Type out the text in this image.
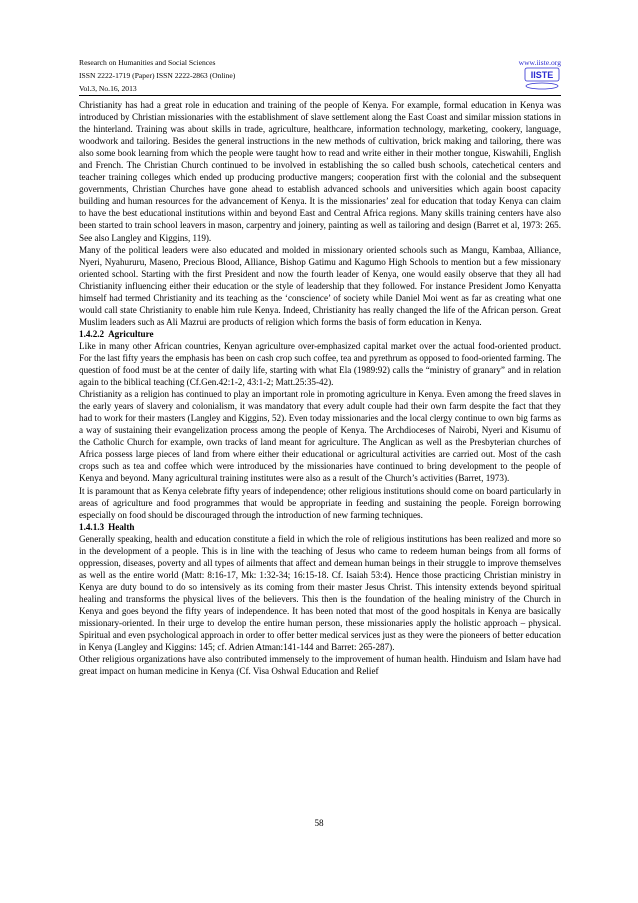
Research on Humanities and Social Sciences	www.iiste.org
ISSN 2222-1719 (Paper) ISSN 2222-2863 (Online)
Vol.3, No.16, 2013
IISTE

Christianity has had a great role in education and training of the people of Kenya. For example, formal education in Kenya was introduced by Christian missionaries with the establishment of slave settlement along the East Coast and similar mission stations in the hinterland. Training was about skills in trade, agriculture, healthcare, information technology, marketing, cookery, language, woodwork and tailoring. Besides the general instructions in the new methods of cultivation, brick making and tailoring, there was also some book learning from which the people were taught how to read and write either in their mother tongue, Kiswahili, English and French. The Christian Church continued to be involved in establishing the so called bush schools, catechetical centers and teacher training colleges which ended up producing productive mangers; cooperation first with the colonial and the subsequent governments, Christian Churches have gone ahead to establish advanced schools and universities which again boost capacity building and human resources for the advancement of Kenya. It is the missionaries’ zeal for education that today Kenya can claim to have the best educational institutions within and beyond East and Central Africa regions. Many skills training centers have also been started to train school leavers in mason, carpentry and joinery, painting as well as tailoring and design (Barret et al, 1973: 265. See also Langley and Kiggins, 119).

Many of the political leaders were also educated and molded in missionary oriented schools such as Mangu, Kambaa, Alliance, Nyeri, Nyahururu, Maseno, Precious Blood, Alliance, Bishop Gatimu and Kagumo High Schools to mention but a few missionary oriented school. Starting with the first President and now the fourth leader of Kenya, one would easily observe that they all had Christianity influencing either their education or the style of leadership that they followed. For instance President Jomo Kenyatta himself had termed Christianity and its teaching as the ‘conscience’ of society while Daniel Moi went as far as creating what one would call state Christianity to enable him rule Kenya. Indeed, Christianity has really changed the life of the African person. Great Muslim leaders such as Ali Mazrui are products of religion which forms the basis of form education in Kenya.

1.4.2.2 Agriculture

Like in many other African countries, Kenyan agriculture over-emphasized capital market over the actual food-oriented product. For the last fifty years the emphasis has been on cash crop such coffee, tea and pyrethrum as opposed to food-oriented farming. The question of food must be at the center of daily life, starting with what Ela (1989:92) calls the “ministry of granary” and in relation again to the biblical teaching (Cf.Gen.42:1-2, 43:1-2; Matt.25:35-42).

Christianity as a religion has continued to play an important role in promoting agriculture in Kenya. Even among the freed slaves in the early years of slavery and colonialism, it was mandatory that every adult couple had their own farm despite the fact that they had to work for their masters (Langley and Kiggins, 52). Even today missionaries and the local clergy continue to own big farms as a way of sustaining their evangelization process among the people of Kenya. The Archdioceses of Nairobi, Nyeri and Kisumu of the Catholic Church for example, own tracks of land meant for agriculture. The Anglican as well as the Presbyterian churches of Africa possess large pieces of land from where either their educational or agricultural activities are carried out. Most of the cash crops such as tea and coffee which were introduced by the missionaries have continued to bring development to the people of Kenya and beyond. Many agricultural training institutes were also as a result of the Church’s activities (Barret, 1973).

It is paramount that as Kenya celebrate fifty years of independence; other religious institutions should come on board particularly in areas of agriculture and food programmes that would be appropriate in feeding and sustaining the people. Foreign borrowing especially on food should be discouraged through the introduction of new farming techniques.

1.4.1.3 Health

Generally speaking, health and education constitute a field in which the role of religious institutions has been realized and more so in the development of a people. This is in line with the teaching of Jesus who came to redeem human beings from all forms of oppression, diseases, poverty and all types of ailments that affect and demean human beings in their struggle to improve themselves as well as the entire world (Matt: 8:16-17, Mk: 1:32-34; 16:15-18. Cf. Isaiah 53:4). Hence those practicing Christian ministry in Kenya are duty bound to do so intensively as its coming from their master Jesus Christ. This intensity extends beyond spiritual healing and transforms the physical lives of the believers. This then is the foundation of the healing ministry of the Church in Kenya and goes beyond the fifty years of independence. It has been noted that most of the good hospitals in Kenya are basically missionary-oriented. In their urge to develop the entire human person, these missionaries apply the holistic approach – physical. Spiritual and even psychological approach in order to offer better medical services just as they were the pioneers of better education in Kenya (Langley and Kiggins: 145; cf. Adrien Atman:141-144 and Barret: 265-287).

Other religious organizations have also contributed immensely to the improvement of human health. Hinduism and Islam have had great impact on human medicine in Kenya (Cf. Visa Oshwal Education and Relief

58
